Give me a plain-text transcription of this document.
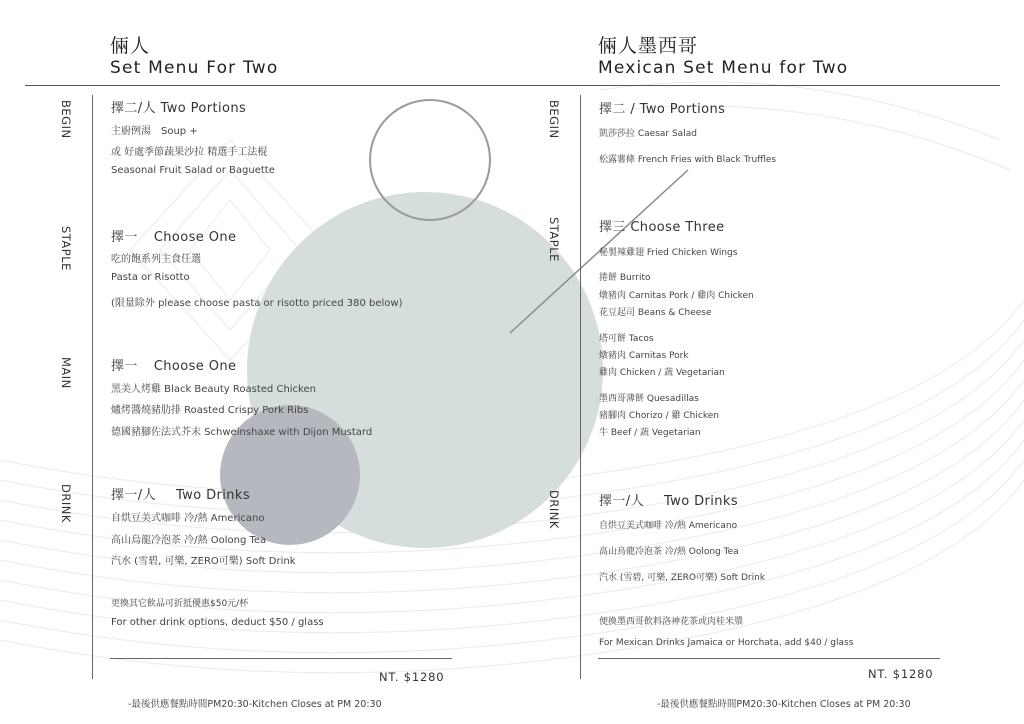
倆人
Set Menu For Two
倆人墨西哥
Mexican Set Menu for Two
BEGIN
STAPLE
MAIN
DRINK
擇二/人 Two Portions
主廚例湯　Soup +
或 好處季節蔬果沙拉 精選手工法棍
Seasonal Fruit Salad or Baguette
擇一 Choose One
吃的飽系列主食任選
Pasta or Risotto
(限量除外 please choose pasta or risotto priced 380 below)
擇一 Choose One
黑美人烤雞 Black Beauty Roasted Chicken
爐烤醬燒豬肋排 Roasted Crispy Pork Ribs
德國豬腳佐法式芥末 Schweinshaxe with Dijon Mustard
擇一/人 Two Drinks
自烘豆美式咖啡 冷/熱 Americano
高山烏龍冷泡茶 冷/熱 Oolong Tea
汽水 (雪碧, 可樂, ZERO可樂) Soft Drink
更換其它飲品可折抵優惠$50元/杯
For other drink options, deduct $50 / glass
NT. $1280
-最後供應餐點時間PM20:30-Kitchen Closes at PM 20:30
BEGIN
STAPLE
DRINK
擇二 / Two Portions
凱莎莎拉 Caesar Salad
松露薯條 French Fries with Black Truffles
擇三 Choose Three
秘製辣雞翅 Fried Chicken Wings
捲餅 Burrito
燉豬肉 Carnitas Pork / 雞肉 Chicken
花豆起司 Beans & Cheese
塔可餅 Tacos
燉豬肉 Carnitas Pork
雞肉 Chicken / 蔬 Vegetarian
墨西哥薄餅 Quesadillas
豬腳肉 Chorizo / 雞 Chicken
牛 Beef / 蔬 Vegetarian
擇一/人 Two Drinks
自烘豆美式咖啡 冷/熱 Americano
高山烏龍冷泡茶 冷/熱 Oolong Tea
汽水 (雪碧, 可樂, ZERO可樂) Soft Drink
便換墨西哥飲料洛神花茶或肉桂米漿
For Mexican Drinks Jamaica or Horchata, add $40 / glass
NT. $1280
-最後供應餐點時間PM20:30-Kitchen Closes at PM 20:30
